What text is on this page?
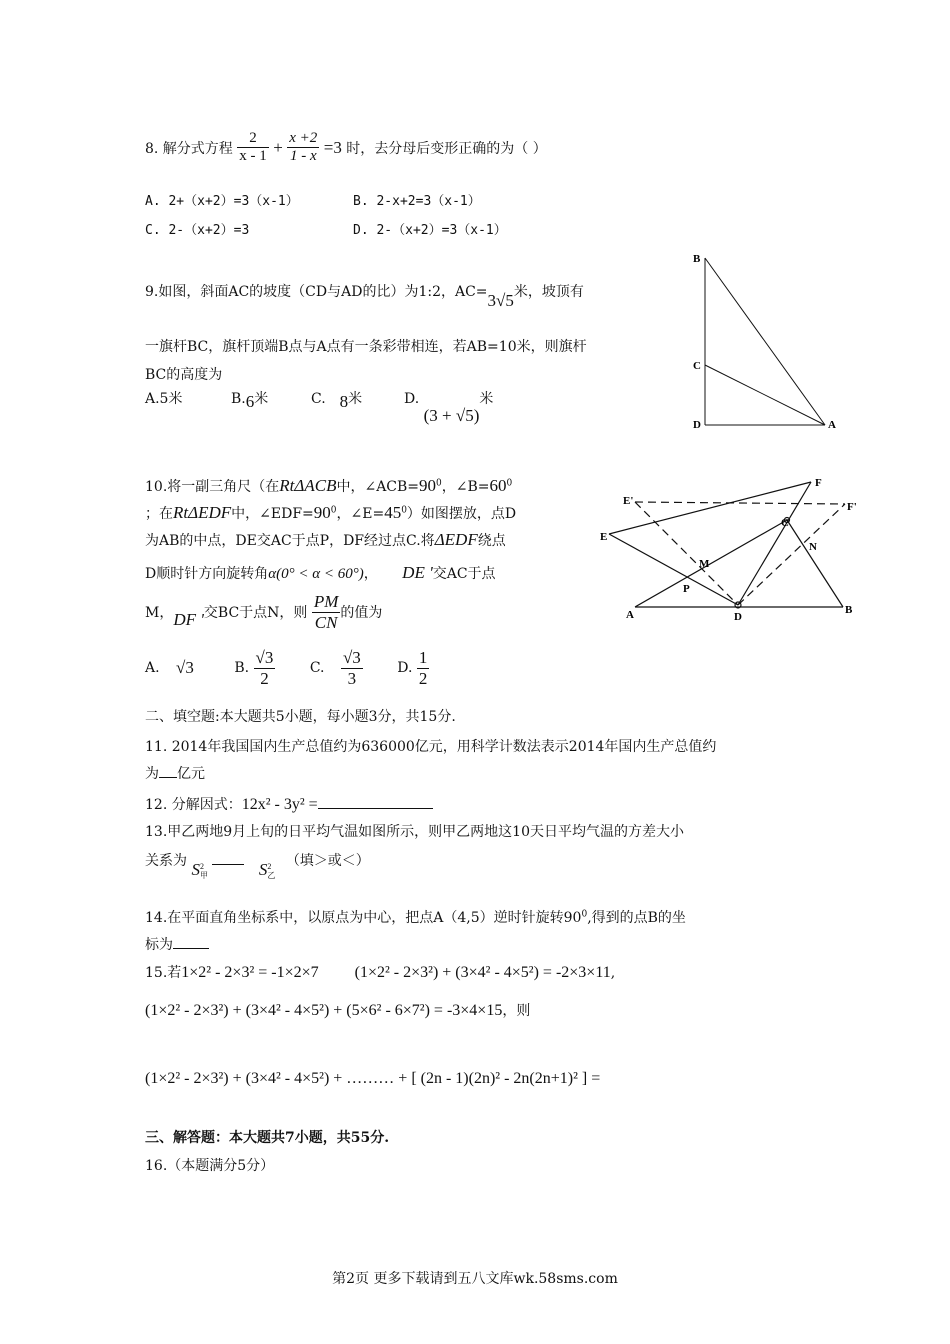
8. 解分式方程 $\frac{2}{x - 1} + \frac{x +2}{1 - x} =3$ 时，去分母后变形正确的为（ ）
A. 2+（x+2）=3（x-1）	B. 2-x+2=3（x-1）
C. 2-（x+2）=3	D. 2-（x+2）=3（x-1）
9.如图，斜面AC的坡度（CD与AD的比）为1:2，AC=3√5米，坡顶有
一旗杆BC，旗杆顶端B点与A点有一条彩带相连，若AB=10米，则旗杆
BC的高度为
A.5米	B.6米	C. 8米	D. (3 + √5)米
B
C
D	A
10.将一副三角尺（在RtΔACB中，$\angle ACB=90^0$，$\angle B=60^0$
；在RtΔEDF中，$\angle EDF=90^0$，$\angle E=45^0$）如图摆放，点D
为AB的中点，DE交AC于点P，DF经过点C.将ΔEDF绕点
D顺时针方向旋转角α(0° < α < 60°)， DE '交AC于点
M，DF '交BC于点N，则 $\frac{PM}{CN}$ 的值为
A. √3	B. $\frac{√3}{2} C$. $\frac{√3}{3} D$. $\frac{1}{2}$
F
E'	F'
E
C
M
N
P
A	D
B
二、填空题:本大题共5小题，每小题3分，共15分.
11. 2014年我国国内生产总值约为636000亿元，用科学计数法表示2014年国内生产总值约
为 亿元
12. 分解因式：12x² - 3y² =
13.甲乙两地9月上旬的日平均气温如图所示，则甲乙两地这10天日平均气温的方差大小
关系为 S 2
甲	S 2
乙
（填＞或＜）
14.在平面直角坐标系中，以原点为中心，把点A（4,5）逆时针旋转$90^0$,得到的点B的坐
标为
15.若1×2² - 2×3² = -1×2×7 (1×2² - 2×3²) + (3×4² - 4×5²) = -2×3×11,
(1×2² - 2×3²) + (3×4² - 4×5²) + (5×6² - 6×7²) = -3×4×15，则
(1×2² - 2×3²) + (3×4² - 4×5²) + ……… + [ (2n - 1)(2n)² - 2n(2n+1)² ] =
三、解答题：本大题共7小题，共55分.
16.（本题满分5分）
第2页 更多下载请到五八文库wk.58sms.com
